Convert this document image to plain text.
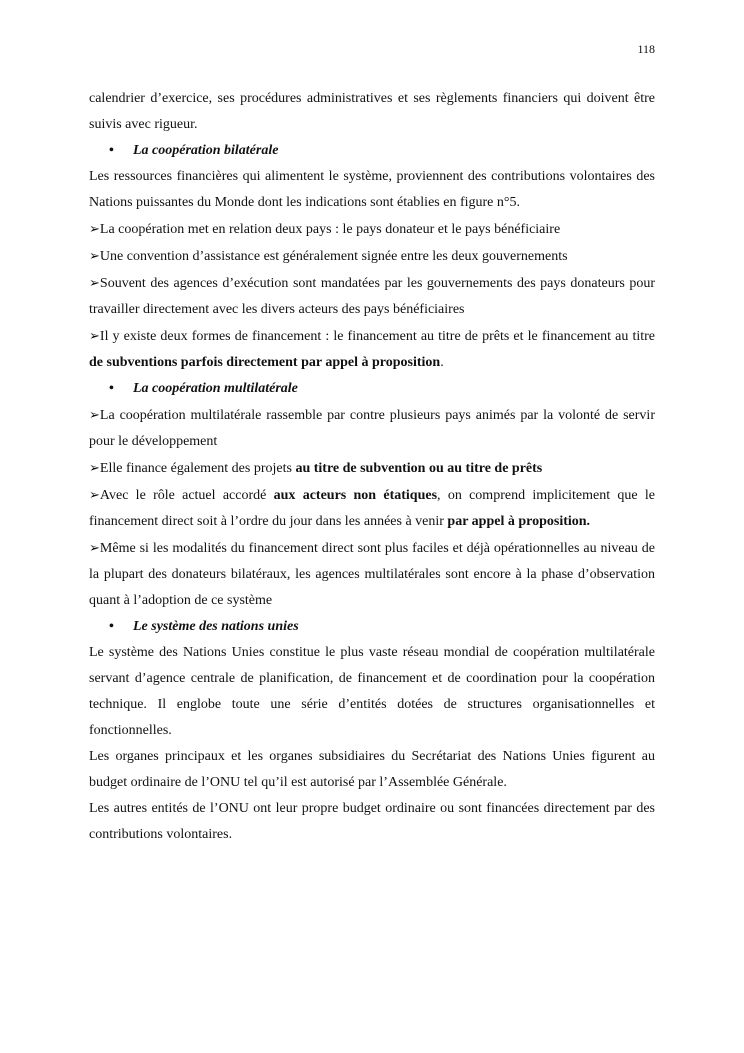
118

calendrier d’exercice, ses procédures administratives et ses règlements financiers qui doivent être suivis avec rigueur.

• La coopération bilatérale

Les ressources financières qui alimentent le système, proviennent des contributions volontaires des Nations puissantes du Monde dont les indications sont établies en figure n°5.

➢La coopération met en relation deux pays : le pays donateur et le pays bénéficiaire

➢Une convention d’assistance est généralement signée entre les deux gouvernements

➢Souvent des agences d’exécution sont mandatées par les gouvernements des pays donateurs pour travailler directement avec les divers acteurs des pays bénéficiaires

➢Il y existe deux formes de financement : le financement au titre de prêts et le financement au titre de subventions parfois directement par appel à proposition.

• La coopération multilatérale

➢La coopération multilatérale rassemble par contre plusieurs pays animés par la volonté de servir pour le développement

➢Elle finance également des projets au titre de subvention ou au titre de prêts

➢Avec le rôle actuel accordé aux acteurs non étatiques, on comprend implicitement que le financement direct soit à l’ordre du jour dans les années à venir par appel à proposition.

➢Même si les modalités du financement direct sont plus faciles et déjà opérationnelles au niveau de la plupart des donateurs bilatéraux, les agences multilatérales sont encore à la phase d’observation quant à l’adoption de ce système

• Le système des nations unies

Le système des Nations Unies constitue le plus vaste réseau mondial de coopération multilatérale servant d’agence centrale de planification, de financement et de coordination pour la coopération technique. Il englobe toute une série d’entités dotées de structures organisationnelles et fonctionnelles.

Les organes principaux et les organes subsidiaires du Secrétariat des Nations Unies figurent au budget ordinaire de l’ONU tel qu’il est autorisé par l’Assemblée Générale.

Les autres entités de l’ONU ont leur propre budget ordinaire ou sont financées directement par des contributions volontaires.
